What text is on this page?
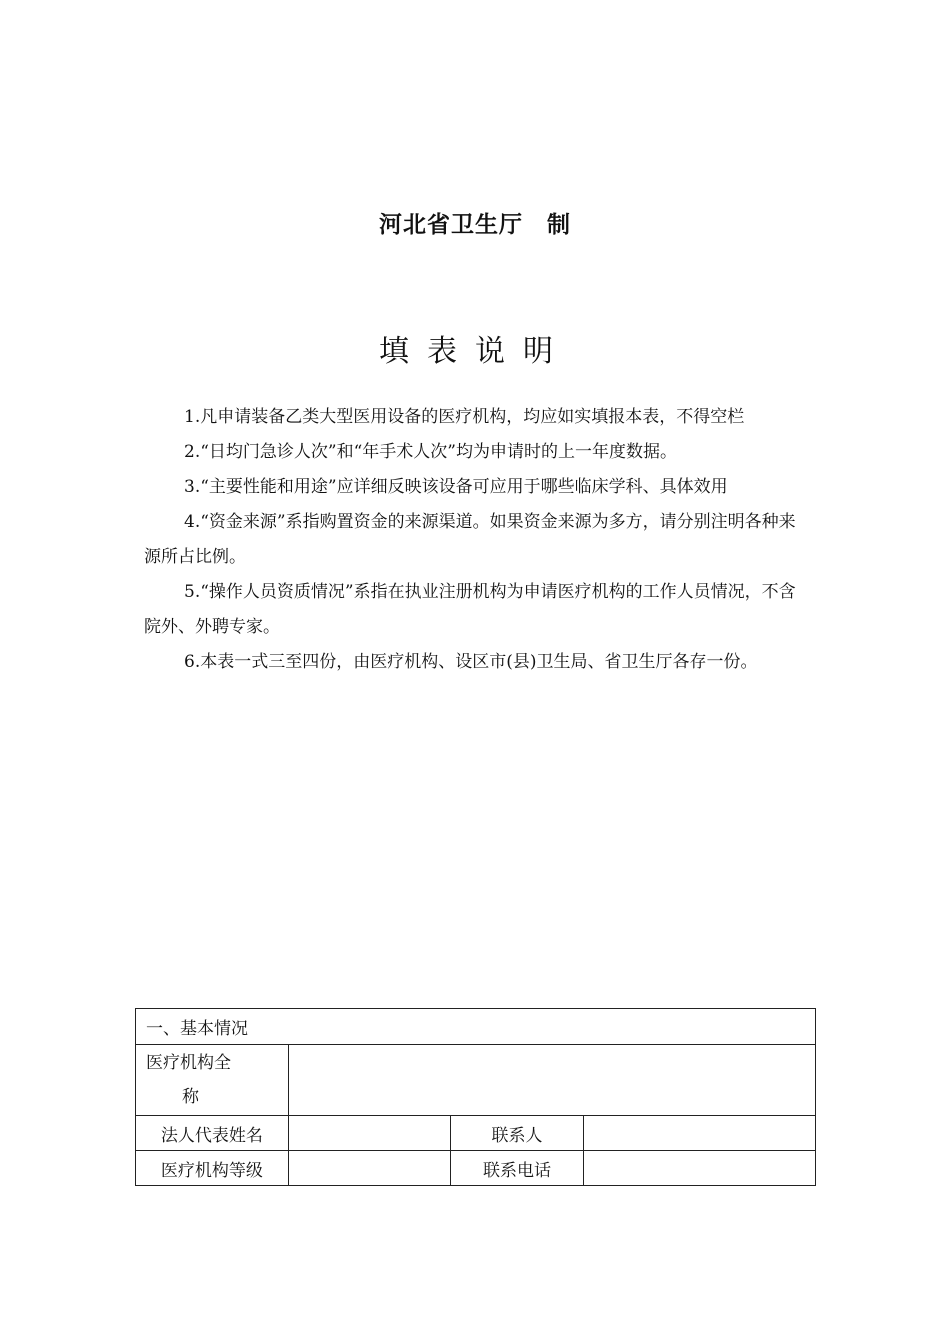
河北省卫生厅　制
填表说明
1.凡申请装备乙类大型医用设备的医疗机构，均应如实填报本表，不得空栏
2.“日均门急诊人次”和“年手术人次”均为申请时的上一年度数据。
3.“主要性能和用途”应详细反映该设备可应用于哪些临床学科、具体效用
4.“资金来源”系指购置资金的来源渠道。如果资金来源为多方，请分别注明各种来源所占比例。
5.“操作人员资质情况”系指在执业注册机构为申请医疗机构的工作人员情况，不含院外、外聘专家。
6.本表一式三至四份，由医疗机构、设区市(县)卫生局、省卫生厅各存一份。
一、基本情况			

医疗机构全
称			

法人代表姓名		联系人	
医疗机构等级		联系电话	
